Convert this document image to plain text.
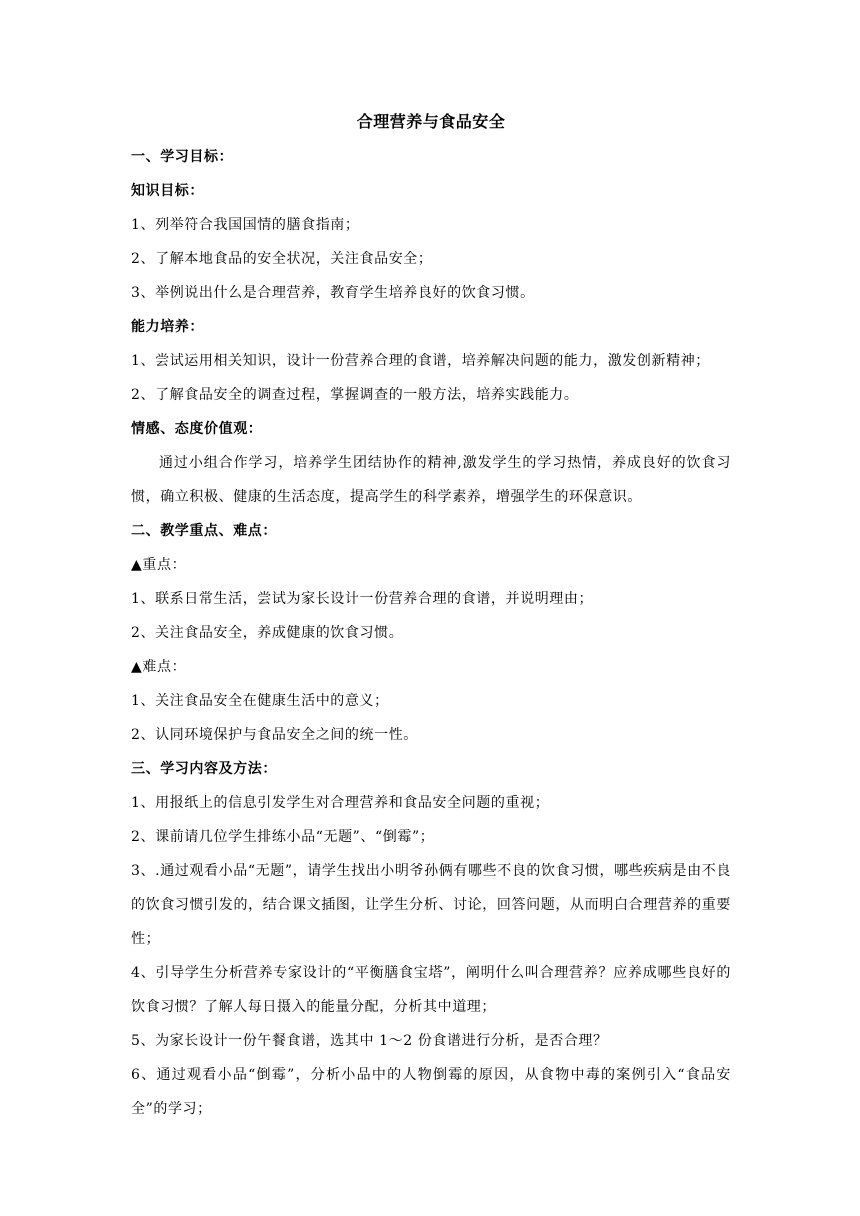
合理营养与食品安全
一、学习目标：
知识目标：
1、列举符合我国国情的膳食指南；
2、了解本地食品的安全状况，关注食品安全；
3、举例说出什么是合理营养，教育学生培养良好的饮食习惯。
能力培养：
1、尝试运用相关知识，设计一份营养合理的食谱，培养解决问题的能力，激发创新精神；
2、了解食品安全的调查过程，掌握调查的一般方法，培养实践能力。
情感、态度价值观：
通过小组合作学习，培养学生团结协作的精神,激发学生的学习热情，养成良好的饮食习惯，确立积极、健康的生活态度，提高学生的科学素养，增强学生的环保意识。
二、教学重点、难点：
▲重点：
1、联系日常生活，尝试为家长设计一份营养合理的食谱，并说明理由；
2、关注食品安全，养成健康的饮食习惯。
▲难点：
1、关注食品安全在健康生活中的意义；
2、认同环境保护与食品安全之间的统一性。
三、学习内容及方法：
1、用报纸上的信息引发学生对合理营养和食品安全问题的重视；
2、课前请几位学生排练小品“无题”、“倒霉”；
3、.通过观看小品“无题”，请学生找出小明爷孙俩有哪些不良的饮食习惯，哪些疾病是由不良的饮食习惯引发的，结合课文插图，让学生分析、讨论，回答问题，从而明白合理营养的重要性；
4、引导学生分析营养专家设计的“平衡膳食宝塔”，阐明什么叫合理营养？应养成哪些良好的饮食习惯？了解人每日摄入的能量分配，分析其中道理；
5、为家长设计一份午餐食谱，选其中 1～2 份食谱进行分析，是否合理？
6、通过观看小品“倒霉”，分析小品中的人物倒霉的原因，从食物中毒的案例引入“食品安全”的学习；
